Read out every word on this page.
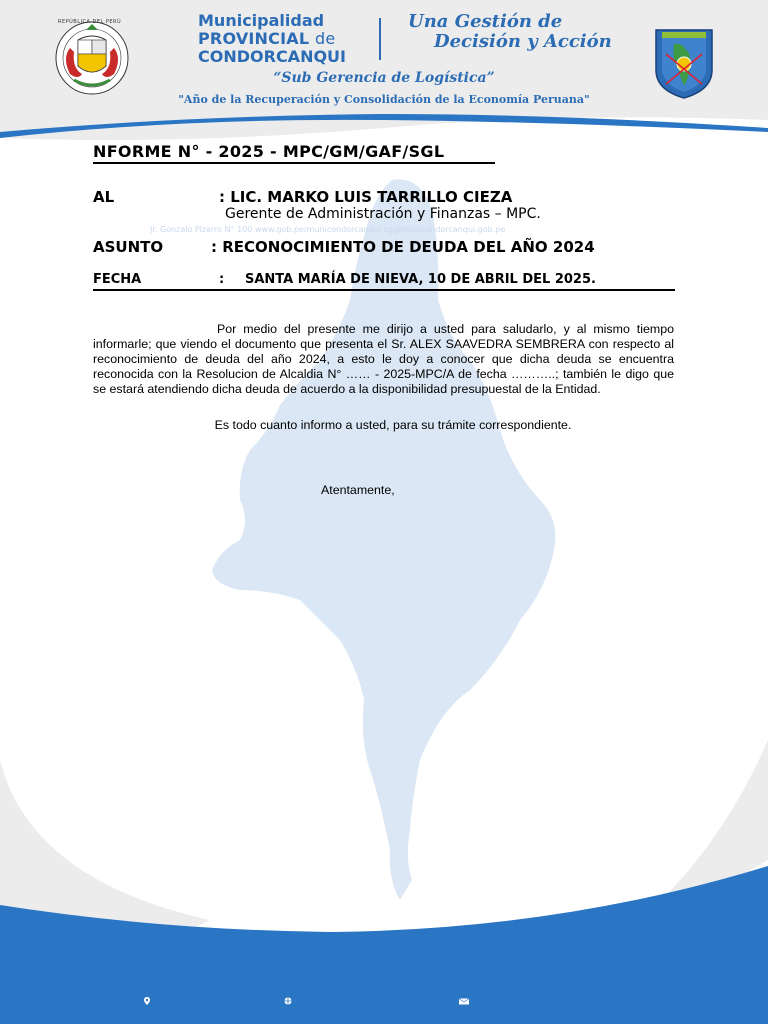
REPÚBLICA DEL PERÚ	Municipalidad
PROVINCIAL de
CONDORCANQUI
Una Gestión de
Decisión y Acción
“Sub Gerencia de Logística”
"Año de la Recuperación y Consolidación de la Economía Peruana"
NFORME N° - 2025 - MPC/GM/GAF/SGL
AL	: LIC. MARKO LUIS TARRILLO CIEZA
Gerente de Administración y Finanzas – MPC.
Jr. Gonzalo Pizarro N° 100 www.gob.pe/municondorcanqui sg@municondorcanqui.gob.pe
ASUNTO	: RECONOCIMIENTO DE DEUDA DEL AÑO 2024
FECHA	: SANTA MARÍA DE NIEVA, 10 DE ABRIL DEL 2025.
Por medio del presente me dirijo a usted para saludarlo, y al mismo tiempo informarle; que viendo el documento que presenta el Sr. ALEX SAAVEDRA SEMBRERA con respecto al reconocimiento de deuda del año 2024, a esto le doy a conocer que dicha deuda se encuentra reconocida con la Resolucion de Alcaldia N° …… - 2025-MPC/A de fecha ………..; también le digo que se estará atendiendo dicha deuda de acuerdo a la disponibilidad presupuestal de la Entidad.
Es todo cuanto informo a usted, para su trámite correspondiente.
Atentamente,
